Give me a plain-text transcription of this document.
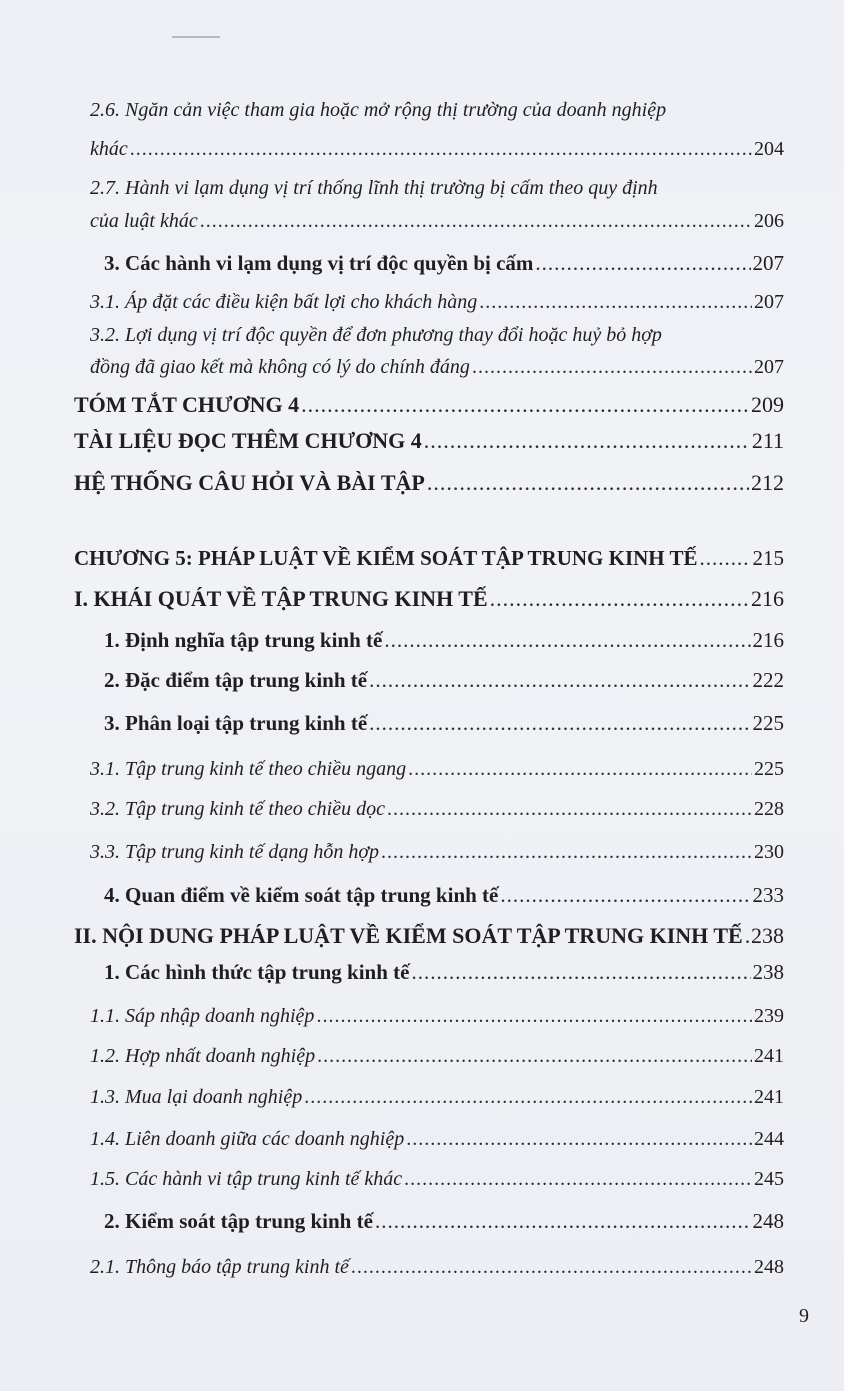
2.6. Ngăn cản việc tham gia hoặc mở rộng thị trường của doanh nghiệp
khác .....	204
2.7. Hành vi lạm dụng vị trí thống lĩnh thị trường bị cấm theo quy định
của luật khác .....	206
3. Các hành vi lạm dụng vị trí độc quyền bị cấm .....	207
3.1. Áp đặt các điều kiện bất lợi cho khách hàng .....	207
3.2. Lợi dụng vị trí độc quyền để đơn phương thay đổi hoặc huỷ bỏ hợp
đồng đã giao kết mà không có lý do chính đáng .....	207
TÓM TẮT CHƯƠNG 4 .....	209
TÀI LIỆU ĐỌC THÊM CHƯƠNG 4 .....	211
HỆ THỐNG CÂU HỎI VÀ BÀI TẬP .....	212
CHƯƠNG 5: PHÁP LUẬT VỀ KIỂM SOÁT TẬP TRUNG KINH TẾ .....	215
I. KHÁI QUÁT VỀ TẬP TRUNG KINH TẾ .....	216
1. Định nghĩa tập trung kinh tế .....	216
2. Đặc điểm tập trung kinh tế .....	222
3. Phân loại tập trung kinh tế .....	225
3.1. Tập trung kinh tế theo chiều ngang .....	225
3.2. Tập trung kinh tế theo chiều dọc .....	228
3.3. Tập trung kinh tế dạng hỗn hợp .....	230
4. Quan điểm về kiểm soát tập trung kinh tế .....	233
II. NỘI DUNG PHÁP LUẬT VỀ KIỂM SOÁT TẬP TRUNG KINH TẾ ..... 238
1. Các hình thức tập trung kinh tế .....	238
1.1. Sáp nhập doanh nghiệp .....	239
1.2. Hợp nhất doanh nghiệp .....	241
1.3. Mua lại doanh nghiệp .....	241
1.4. Liên doanh giữa các doanh nghiệp .....	244
1.5. Các hành vi tập trung kinh tế khác .....	245
2. Kiểm soát tập trung kinh tế .....	248
2.1. Thông báo tập trung kinh tế .....	248
9
